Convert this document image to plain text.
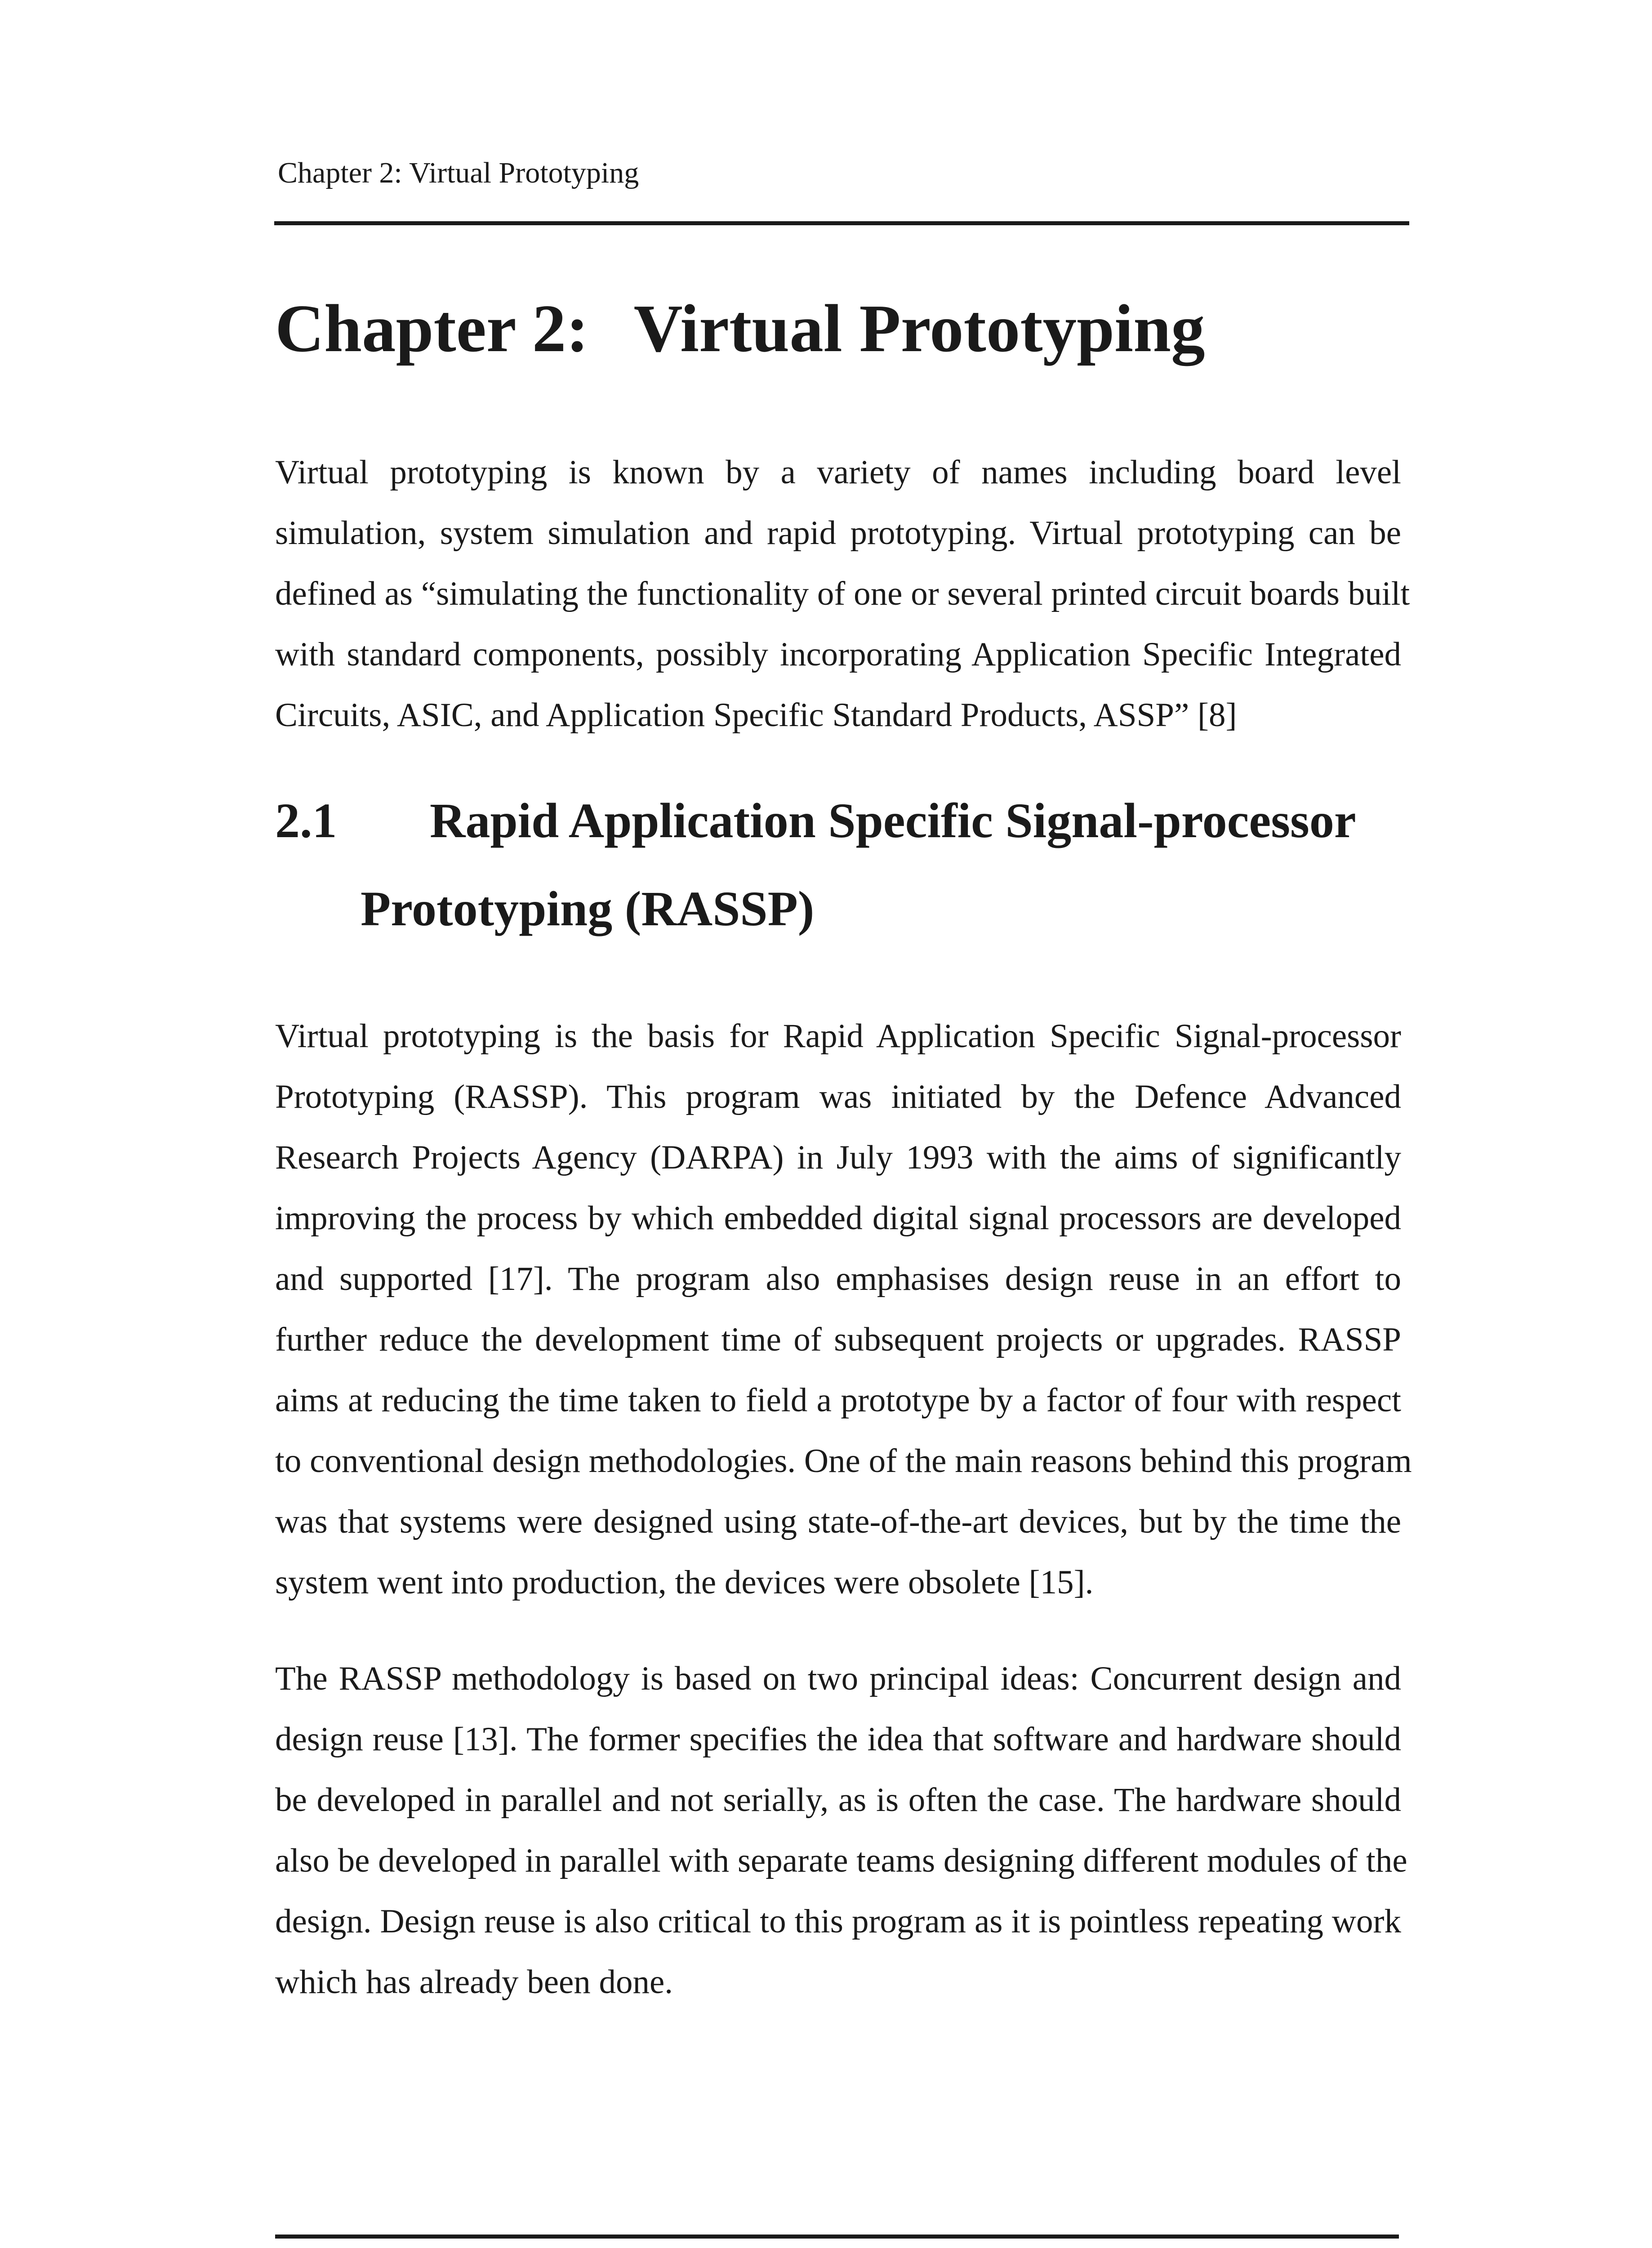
Chapter 2: Virtual Prototyping
Chapter 2: Virtual Prototyping

Virtual prototyping is known by a variety of names including board level
simulation, system simulation and rapid prototyping. Virtual prototyping can be
defined as “simulating the functionality of one or several printed circuit boards built
with standard components, possibly incorporating Application Specific Integrated
Circuits, ASIC, and Application Specific Standard Products, ASSP” [8]

2.1 Rapid Application Specific Signal-processor
Prototyping (RASSP)

Virtual prototyping is the basis for Rapid Application Specific Signal-processor
Prototyping (RASSP). This program was initiated by the Defence Advanced
Research Projects Agency (DARPA) in July 1993 with the aims of significantly
improving the process by which embedded digital signal processors are developed
and supported [17]. The program also emphasises design reuse in an effort to
further reduce the development time of subsequent projects or upgrades. RASSP
aims at reducing the time taken to field a prototype by a factor of four with respect
to conventional design methodologies. One of the main reasons behind this program
was that systems were designed using state-of-the-art devices, but by the time the
system went into production, the devices were obsolete [15].

The RASSP methodology is based on two principal ideas: Concurrent design and
design reuse [13]. The former specifies the idea that software and hardware should
be developed in parallel and not serially, as is often the case. The hardware should
also be developed in parallel with separate teams designing different modules of the
design. Design reuse is also critical to this program as it is pointless repeating work
which has already been done.
